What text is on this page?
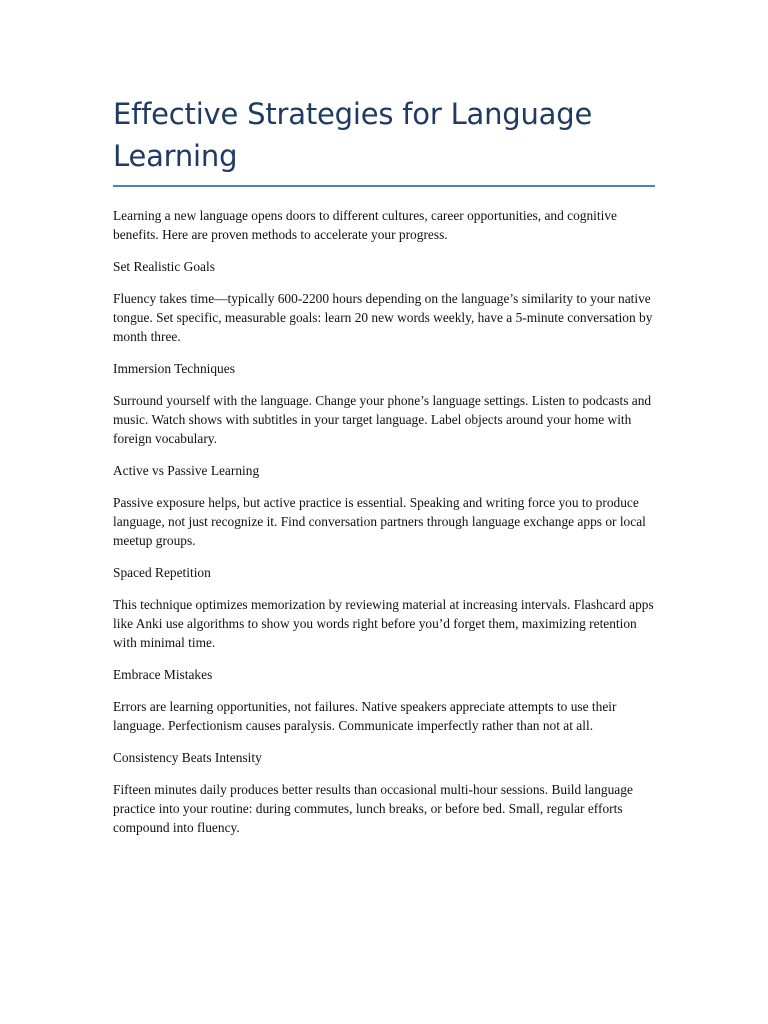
Effective Strategies for Language Learning

Learning a new language opens doors to different cultures, career opportunities, and cognitive benefits. Here are proven methods to accelerate your progress.

Set Realistic Goals

Fluency takes time—typically 600-2200 hours depending on the language’s similarity to your native tongue. Set specific, measurable goals: learn 20 new words weekly, have a 5-minute conversation by month three.

Immersion Techniques

Surround yourself with the language. Change your phone’s language settings. Listen to podcasts and music. Watch shows with subtitles in your target language. Label objects around your home with foreign vocabulary.

Active vs Passive Learning

Passive exposure helps, but active practice is essential. Speaking and writing force you to produce language, not just recognize it. Find conversation partners through language exchange apps or local meetup groups.

Spaced Repetition

This technique optimizes memorization by reviewing material at increasing intervals. Flashcard apps like Anki use algorithms to show you words right before you’d forget them, maximizing retention with minimal time.

Embrace Mistakes

Errors are learning opportunities, not failures. Native speakers appreciate attempts to use their language. Perfectionism causes paralysis. Communicate imperfectly rather than not at all.

Consistency Beats Intensity

Fifteen minutes daily produces better results than occasional multi-hour sessions. Build language practice into your routine: during commutes, lunch breaks, or before bed. Small, regular efforts compound into fluency.
